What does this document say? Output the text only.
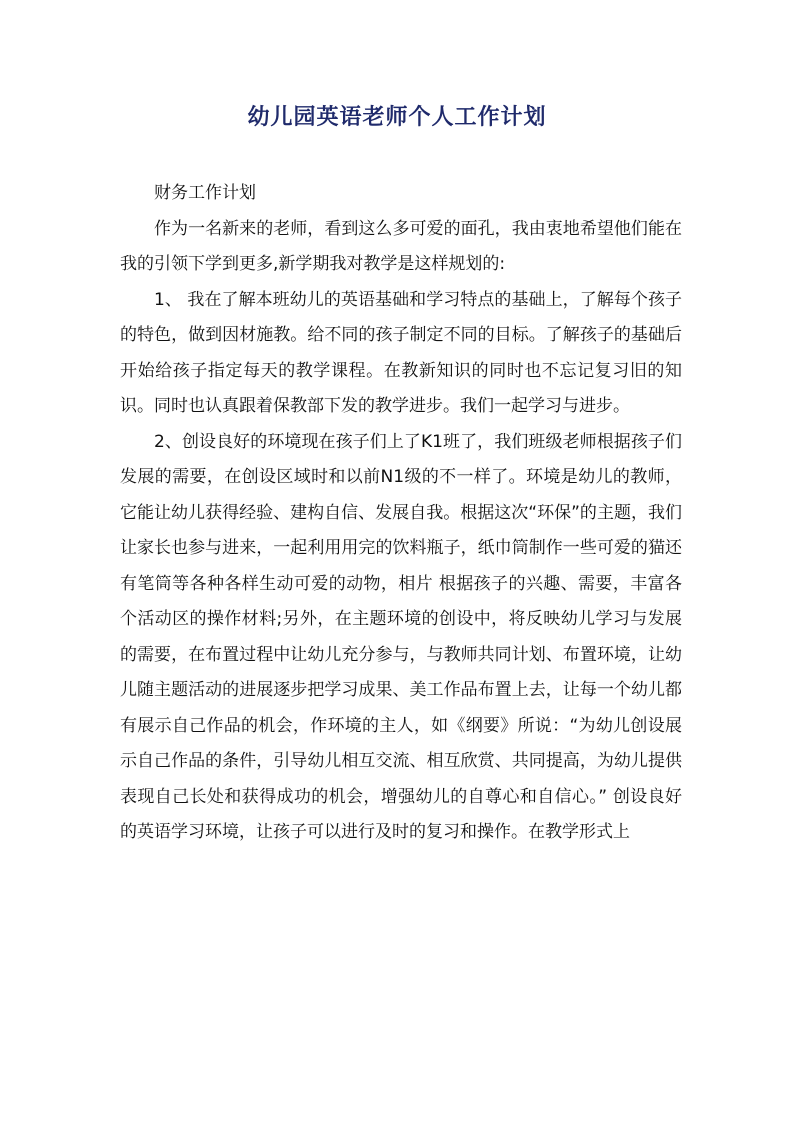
幼儿园英语老师个人工作计划

财务工作计划

作为一名新来的老师，看到这么多可爱的面孔，我由衷地希望他们能在我的引领下学到更多,新学期我对教学是这样规划的:

1、 我在了解本班幼儿的英语基础和学习特点的基础上，了解每个孩子的特色，做到因材施教。给不同的孩子制定不同的目标。了解孩子的基础后开始给孩子指定每天的教学课程。在教新知识的同时也不忘记复习旧的知识。同时也认真跟着保教部下发的教学进步。我们一起学习与进步。

2、创设良好的环境现在孩子们上了K1班了，我们班级老师根据孩子们发展的需要，在创设区域时和以前N1级的不一样了。环境是幼儿的教师，它能让幼儿获得经验、建构自信、发展自我。根据这次“环保”的主题，我们让家长也参与进来，一起利用用完的饮料瓶子，纸巾筒制作一些可爱的猫还有笔筒等各种各样生动可爱的动物，相片 根据孩子的兴趣、需要，丰富各个活动区的操作材料;另外，在主题环境的创设中，将反映幼儿学习与发展的需要，在布置过程中让幼儿充分参与，与教师共同计划、布置环境，让幼儿随主题活动的进展逐步把学习成果、美工作品布置上去，让每一个幼儿都有展示自己作品的机会，作环境的主人，如《纲要》所说：“为幼儿创设展示自己作品的条件，引导幼儿相互交流、相互欣赏、共同提高，为幼儿提供表现自己长处和获得成功的机会，增强幼儿的自尊心和自信心。” 创设良好的英语学习环境，让孩子可以进行及时的复习和操作。在教学形式上
